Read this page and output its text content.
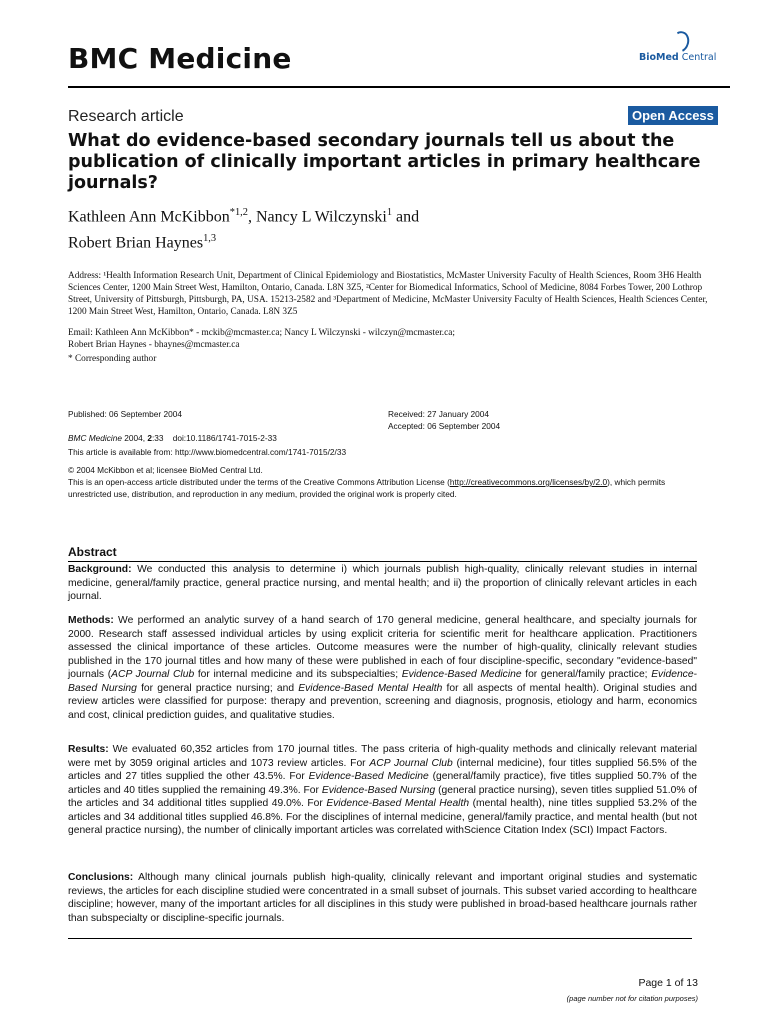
BMC Medicine	BioMed Central
Research article	Open Access
What do evidence-based secondary journals tell us about the publication of clinically important articles in primary healthcare journals?
Kathleen Ann McKibbon$^{*1,2}$, Nancy L Wilczynski$^1$ and
Robert Brian Haynes$^{1,3}$
Address: ¹Health Information Research Unit, Department of Clinical Epidemiology and Biostatistics, McMaster University Faculty of Health Sciences, Room 3H6 Health Sciences Center, 1200 Main Street West, Hamilton, Ontario, Canada. L8N 3Z5, ²Center for Biomedical Informatics, School of Medicine, 8084 Forbes Tower, 200 Lothrop Street, University of Pittsburgh, Pittsburgh, PA, USA. 15213-2582 and ³Department of Medicine, McMaster University Faculty of Health Sciences, Health Sciences Center, 1200 Main Street West, Hamilton, Ontario, Canada. L8N 3Z5
Email: Kathleen Ann McKibbon* - mckib@mcmaster.ca; Nancy L Wilczynski - wilczyn@mcmaster.ca;
Robert Brian Haynes - bhaynes@mcmaster.ca
* Corresponding author
Published: 06 September 2004

BMC Medicine 2004, 2:33 doi:10.1186/1741-7015-2-33
Received: 27 January 2004
Accepted: 06 September 2004
This article is available from: http://www.biomedcentral.com/1741-7015/2/33
© 2004 McKibbon et al; licensee BioMed Central Ltd.
This is an open-access article distributed under the terms of the Creative Commons Attribution License (http://creativecommons.org/licenses/by/2.0), which permits unrestricted use, distribution, and reproduction in any medium, provided the original work is properly cited.
Abstract
Background: We conducted this analysis to determine i) which journals publish high-quality, clinically relevant studies in internal medicine, general/family practice, general practice nursing, and mental health; and ii) the proportion of clinically relevant articles in each journal.
Methods: We performed an analytic survey of a hand search of 170 general medicine, general healthcare, and specialty journals for 2000. Research staff assessed individual articles by using explicit criteria for scientific merit for healthcare application. Practitioners assessed the clinical importance of these articles. Outcome measures were the number of high-quality, clinically relevant studies published in the 170 journal titles and how many of these were published in each of four discipline-specific, secondary "evidence-based" journals (ACP Journal Club for internal medicine and its subspecialties; Evidence-Based Medicine for general/family practice; Evidence-Based Nursing for general practice nursing; and Evidence-Based Mental Health for all aspects of mental health). Original studies and review articles were classified for purpose: therapy and prevention, screening and diagnosis, prognosis, etiology and harm, economics and cost, clinical prediction guides, and qualitative studies.
Results: We evaluated 60,352 articles from 170 journal titles. The pass criteria of high-quality methods and clinically relevant material were met by 3059 original articles and 1073 review articles. For ACP Journal Club (internal medicine), four titles supplied 56.5% of the articles and 27 titles supplied the other 43.5%. For Evidence-Based Medicine (general/family practice), five titles supplied 50.7% of the articles and 40 titles supplied the remaining 49.3%. For Evidence-Based Nursing (general practice nursing), seven titles supplied 51.0% of the articles and 34 additional titles supplied 49.0%. For Evidence-Based Mental Health (mental health), nine titles supplied 53.2% of the articles and 34 additional titles supplied 46.8%. For the disciplines of internal medicine, general/family practice, and mental health (but not general practice nursing), the number of clinically important articles was correlated withScience Citation Index (SCI) Impact Factors.
Conclusions: Although many clinical journals publish high-quality, clinically relevant and important original studies and systematic reviews, the articles for each discipline studied were concentrated in a small subset of journals. This subset varied according to healthcare discipline; however, many of the important articles for all disciplines in this study were published in broad-based healthcare journals rather than subspecialty or discipline-specific journals.
Page 1 of 13
(page number not for citation purposes)
